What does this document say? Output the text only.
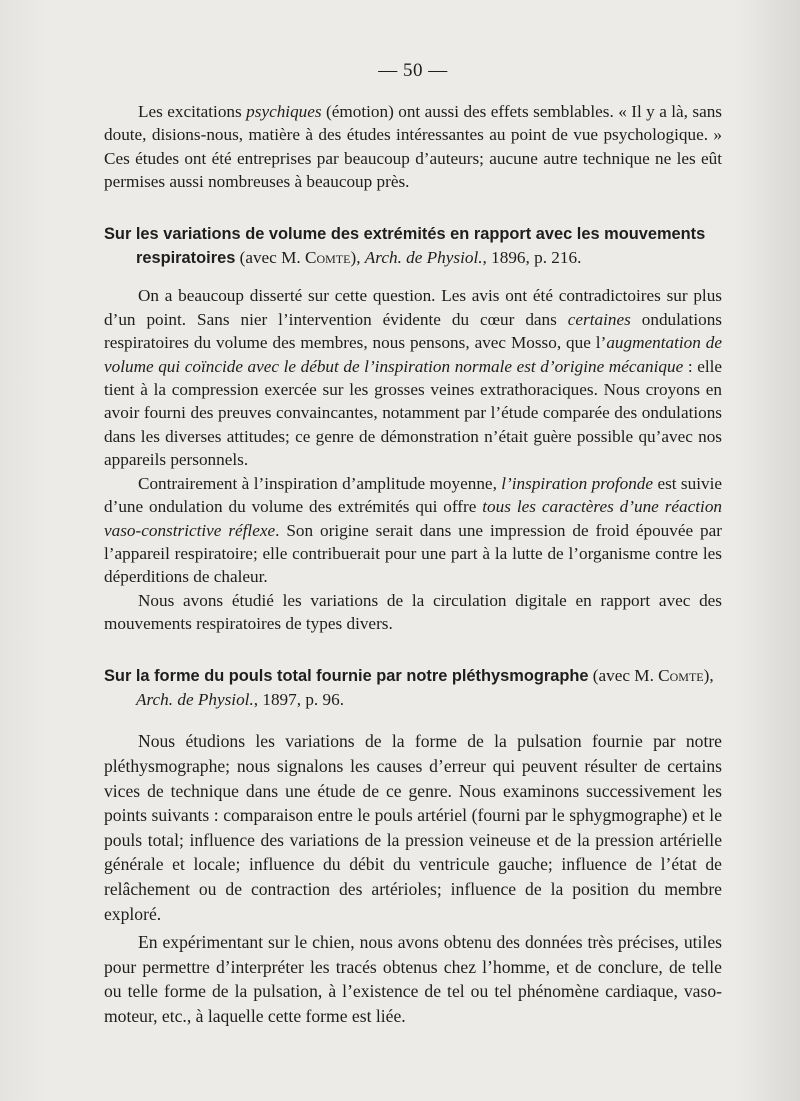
— 50 —

Les excitations psychiques (émotion) ont aussi des effets semblables. « Il y a là, sans doute, disions-nous, matière à des études intéressantes au point de vue psychologique. » Ces études ont été entreprises par beaucoup d’auteurs; aucune autre technique ne les eût permises aussi nombreuses à beaucoup près.

Sur les variations de volume des extrémités en rapport avec les mouvements respiratoires (avec M. Comte), Arch. de Physiol., 1896, p. 216.

On a beaucoup disserté sur cette question. Les avis ont été contradictoires sur plus d’un point. Sans nier l’intervention évidente du cœur dans certaines ondulations respiratoires du volume des membres, nous pensons, avec Mosso, que l’augmentation de volume qui coïncide avec le début de l’inspiration normale est d’origine mécanique : elle tient à la compression exercée sur les grosses veines extrathoraciques. Nous croyons en avoir fourni des preuves convaincantes, notamment par l’étude comparée des ondulations dans les diverses attitudes; ce genre de démonstration n’était guère possible qu’avec nos appareils personnels.

Contrairement à l’inspiration d’amplitude moyenne, l’inspiration profonde est suivie d’une ondulation du volume des extrémités qui offre tous les caractères d’une réaction vaso-constrictive réflexe. Son origine serait dans une impression de froid épouvée par l’appareil respiratoire; elle contribuerait pour une part à la lutte de l’organisme contre les déperditions de chaleur.

Nous avons étudié les variations de la circulation digitale en rapport avec des mouvements respiratoires de types divers.

Sur la forme du pouls total fournie par notre pléthysmographe (avec M. Comte), Arch. de Physiol., 1897, p. 96.

Nous étudions les variations de la forme de la pulsation fournie par notre pléthysmographe; nous signalons les causes d’erreur qui peuvent résulter de certains vices de technique dans une étude de ce genre. Nous examinons successivement les points suivants : comparaison entre le pouls artériel (fourni par le sphygmographe) et le pouls total; influence des variations de la pression veineuse et de la pression artérielle générale et locale; influence du débit du ventricule gauche; influence de l’état de relâchement ou de contraction des artérioles; influence de la position du membre exploré.

En expérimentant sur le chien, nous avons obtenu des données très précises, utiles pour permettre d’interpréter les tracés obtenus chez l’homme, et de conclure, de telle ou telle forme de la pulsation, à l’existence de tel ou tel phénomène cardiaque, vaso-moteur, etc., à laquelle cette forme est liée.
